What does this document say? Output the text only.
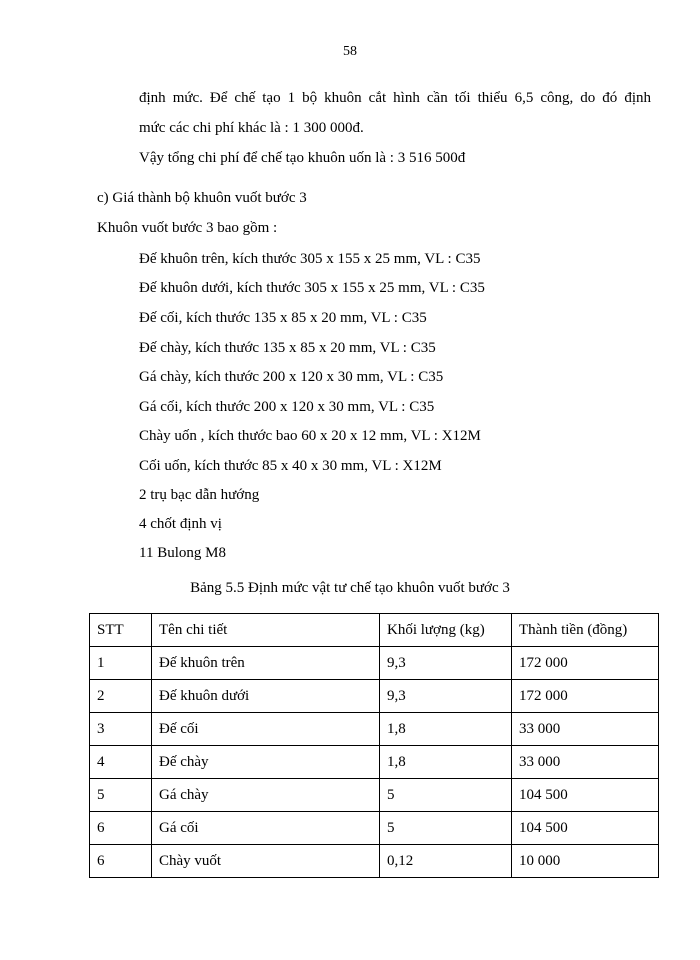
58
định mức. Để chế tạo 1 bộ khuôn cắt hình cần tối thiểu 6,5 công, do đó định
mức các chi phí khác là : 1 300 000đ.
Vậy tổng chi phí để chế tạo khuôn uốn là : 3 516 500đ
c) Giá thành bộ khuôn vuốt bước 3
Khuôn vuốt bước 3 bao gồm :
Đế khuôn trên, kích thước 305 x 155 x 25 mm, VL : C35
Đế khuôn dưới, kích thước 305 x 155 x 25 mm, VL : C35
Đế cối, kích thước 135 x 85 x 20 mm, VL : C35
Đế chày, kích thước 135 x 85 x 20 mm, VL : C35
Gá chày, kích thước 200 x 120 x 30 mm, VL : C35
Gá cối, kích thước 200 x 120 x 30 mm, VL : C35
Chày uốn , kích thước bao 60 x 20 x 12 mm, VL : X12M
Cối uốn, kích thước 85 x 40 x 30 mm, VL : X12M
2 trụ bạc dẫn hướng
4 chốt định vị
11 Bulong M8
Bảng 5.5 Định mức vật tư chế tạo khuôn vuốt bước 3
STT	Tên chi tiết	Khối lượng (kg)	Thành tiền (đồng)
1	Đế khuôn trên	9,3	172 000
2	Đế khuôn dưới	9,3	172 000
3	Đế cối	1,8	33 000
4	Đế chày	1,8	33 000
5	Gá chày	5	104 500
6	Gá cối	5	104 500
6	Chày vuốt	0,12	10 000
